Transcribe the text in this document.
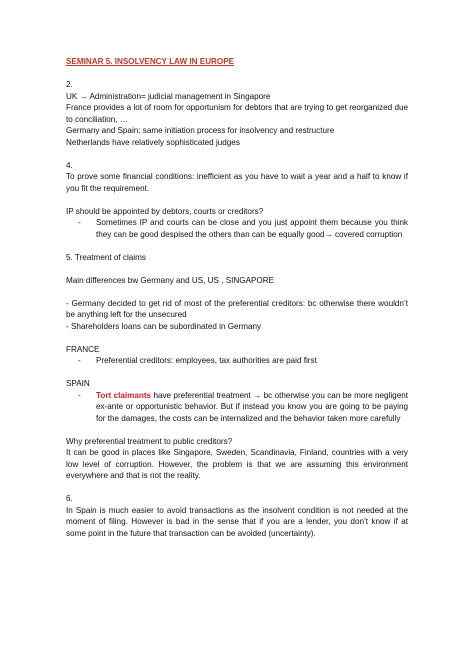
SEMINAR 5. INSOLVENCY LAW IN EUROPE

2.

UK → Administration= judicial management in Singapore

France provides a lot of room for opportunism for debtors that are trying to get reorganized due to conciliation, …

Germany and Spain: same initiation process for insolvency and restructure

Netherlands have relatively sophisticated judges

4.

To prove some financial conditions: inefficient as you have to wait a year and a half to know if you fit the requirement.

IP should be appointed by debtors, courts or creditors?

-	Sometimes IP and courts can be close and you just appoint them because you think they can be good despised the others than can be equally good→ covered corruption

5. Treatment of claims

Main differences bw Germany and US, US , SINGAPORE

- Germany decided to get rid of most of the preferential creditors: bc otherwise there wouldn’t be anything left for the unsecured

- Shareholders loans can be subordinated in Germany

FRANCE

-	Preferential creditors: employees, tax authorities are paid first

SPAIN

-	Tort claimants have preferential treatment → bc otherwise you can be more negligent ex-ante or opportunistic behavior. But if instead you know you are going to be paying for the damages, the costs can be internalized and the behavior taken more carefully

Why preferential treatment to public creditors?

It can be good in places like Singapore, Sweden, Scandinavia, Finland, countries with a very low level of corruption. However, the problem is that we are assuming this environment everywhere and that is not the reality.

6.

In Spain is much easier to avoid transactions as the insolvent condition is not needed at the moment of filing. However is bad in the sense that if you are a lender, you don’t know if at some point in the future that transaction can be avoided (uncertainty).
